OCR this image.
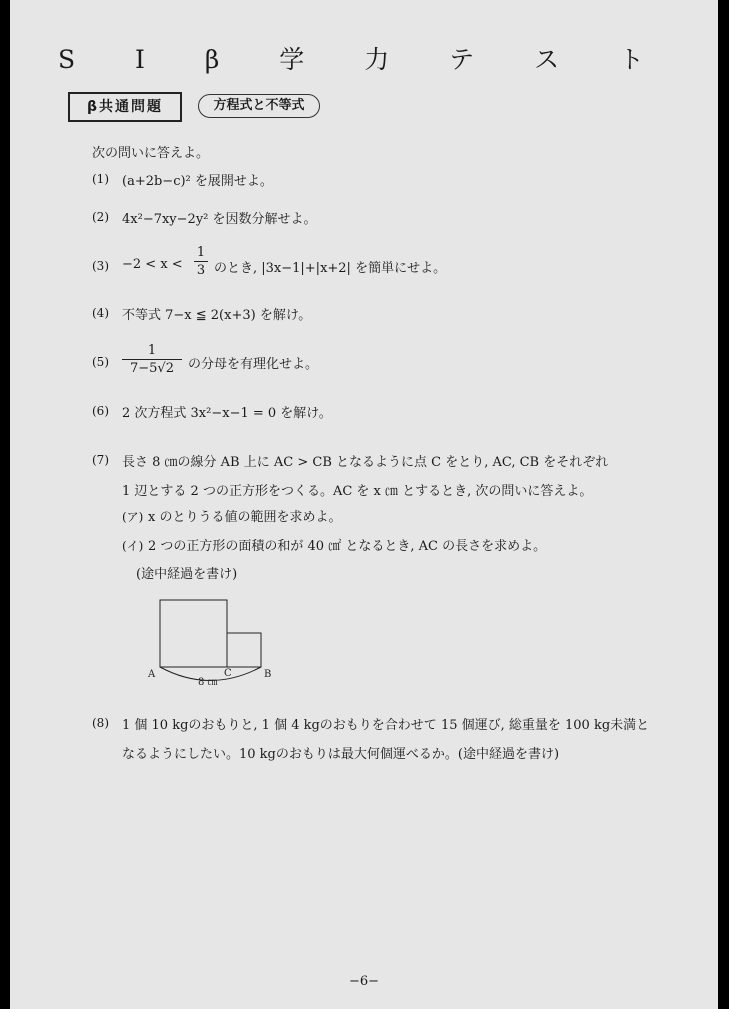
S I β 学 力 テ ス ト
β共通問題	方程式と不等式
次の問いに答えよ。
(1) (a+2b−c)² を展開せよ。
(2) 4x²−7xy−2y² を因数分解せよ。
(3) −2 < x <
1
3 のとき, |3x−1|+|x+2| を簡単にせよ。
(4) 不等式 7−x ≦ 2(x+3) を解け。
(5)
1
7−5√2	の分母を有理化せよ。
(6) 2 次方程式 3x²−x−1 = 0 を解け。
(7) 長さ 8 ㎝の線分 AB 上に AC > CB となるように点 C をとり, AC, CB をそれぞれ
1 辺とする 2 つの正方形をつくる。AC を x ㎝ とするとき, 次の問いに答えよ。
(ア) x のとりうる値の範囲を求めよ。
(イ) 2 つの正方形の面積の和が 40 ㎠ となるとき, AC の長さを求めよ。
(途中経過を書け)
A	C	B
8 ㎝
(8) 1 個 10 kgのおもりと, 1 個 4 kgのおもりを合わせて 15 個運び, 総重量を 100 kg未満と
なるようにしたい。10 kgのおもりは最大何個運べるか。(途中経過を書け)
−6−
